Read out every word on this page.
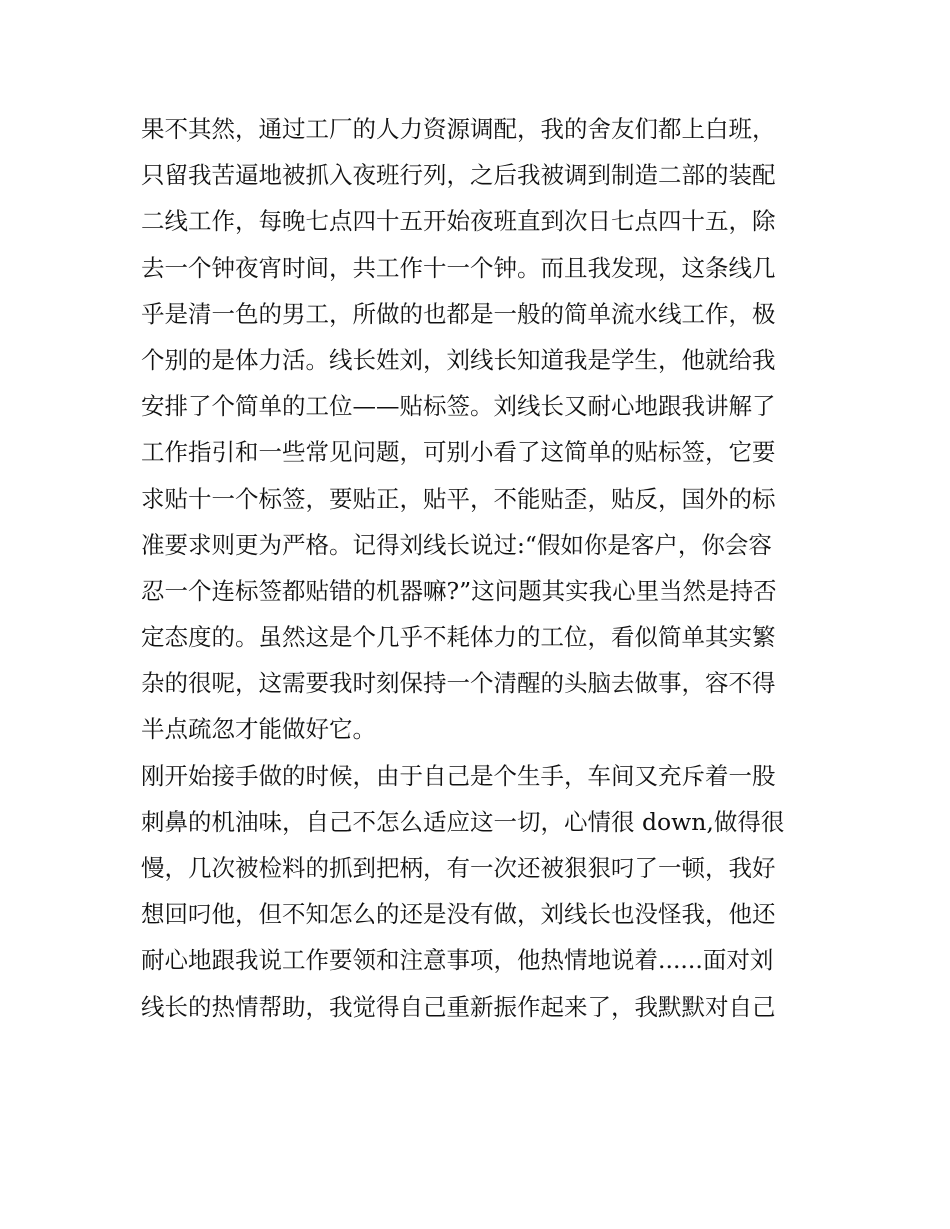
果不其然，通过工厂的人力资源调配，我的舍友们都上白班，
只留我苦逼地被抓入夜班行列，之后我被调到制造二部的装配
二线工作，每晚七点四十五开始夜班直到次日七点四十五，除
去一个钟夜宵时间，共工作十一个钟。而且我发现，这条线几
乎是清一色的男工，所做的也都是一般的简单流水线工作，极
个别的是体力活。线长姓刘，刘线长知道我是学生，他就给我
安排了个简单的工位——贴标签。刘线长又耐心地跟我讲解了
工作指引和一些常见问题，可别小看了这简单的贴标签，它要
求贴十一个标签，要贴正，贴平，不能贴歪，贴反，国外的标
准要求则更为严格。记得刘线长说过:“假如你是客户，你会容
忍一个连标签都贴错的机器嘛?”这问题其实我心里当然是持否
定态度的。虽然这是个几乎不耗体力的工位，看似简单其实繁
杂的很呢，这需要我时刻保持一个清醒的头脑去做事，容不得
半点疏忽才能做好它。
刚开始接手做的时候，由于自己是个生手，车间又充斥着一股
刺鼻的机油味，自己不怎么适应这一切，心情很 down,做得很
慢，几次被检料的抓到把柄，有一次还被狠狠叼了一顿，我好
想回叼他，但不知怎么的还是没有做，刘线长也没怪我，他还
耐心地跟我说工作要领和注意事项，他热情地说着......面对刘
线长的热情帮助，我觉得自己重新振作起来了，我默默对自己
